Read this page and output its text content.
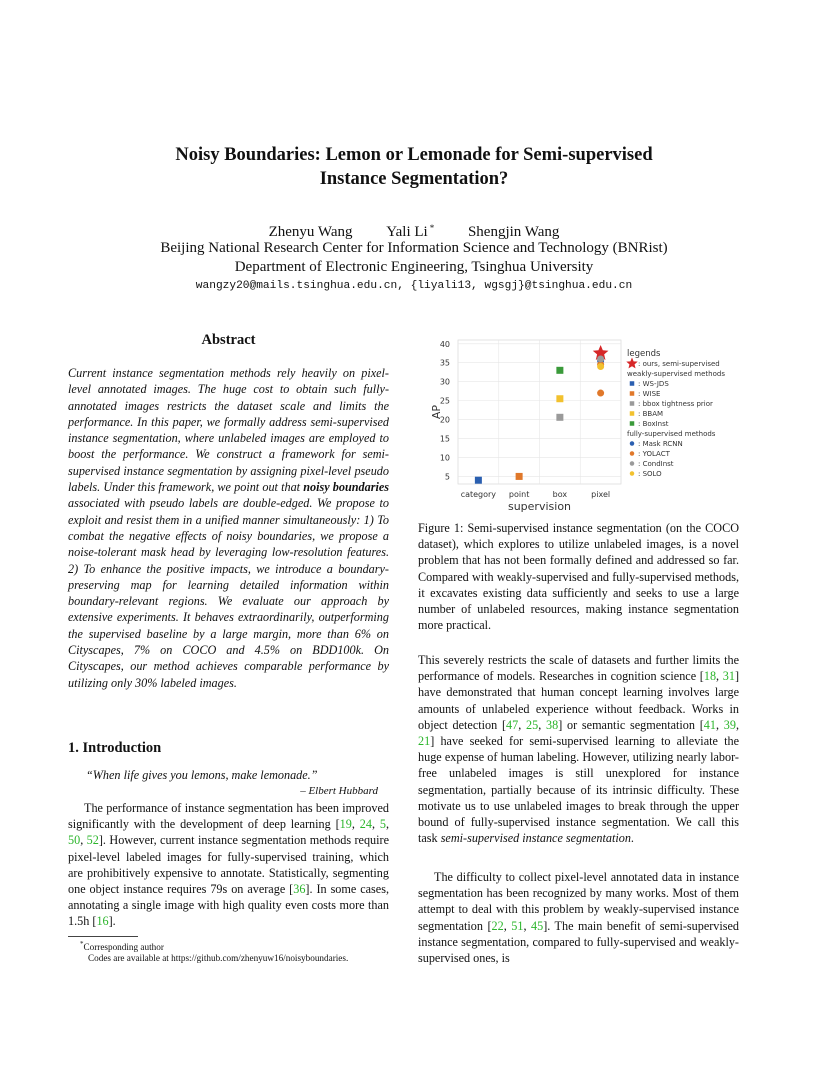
Noisy Boundaries: Lemon or Lemonade for Semi-supervised
Instance Segmentation?
Zhenyu Wang Yali Li * Shengjin Wang
Beijing National Research Center for Information Science and Technology (BNRist)
Department of Electronic Engineering, Tsinghua University
wangzy20@mails.tsinghua.edu.cn, {liyali13, wgsgj}@tsinghua.edu.cn
Abstract

Current instance segmentation methods rely heavily on pixel-level annotated images. The huge cost to obtain such fully-annotated images restricts the dataset scale and limits the performance. In this paper, we formally address semi-supervised instance segmentation, where unlabeled images are employed to boost the performance. We construct a framework for semi-supervised instance segmentation by assigning pixel-level pseudo labels. Under this framework, we point out that noisy boundaries associated with pseudo labels are double-edged. We propose to exploit and resist them in a unified manner simultaneously: 1) To combat the negative effects of noisy boundaries, we propose a noise-tolerant mask head by leveraging low-resolution features. 2) To enhance the positive impacts, we introduce a boundary-preserving map for learning detailed information within boundary-relevant regions. We evaluate our approach by extensive experiments. It behaves extraordinarily, outperforming the supervised baseline by a large margin, more than 6% on Cityscapes, 7% on COCO and 4.5% on BDD100k. On Cityscapes, our method achieves comparable performance by utilizing only 30% labeled images.

1. Introduction
“When life gives you lemons, make lemonade.”
– Elbert Hubbard

The performance of instance segmentation has been improved significantly with the development of deep learning [19, 24, 5, 50, 52]. However, current instance segmentation methods require pixel-level labeled images for fully-supervised training, which are prohibitively expensive to annotate. Statistically, segmenting one object instance requires 79s on average [36]. In some cases, annotating a single image with high quality even costs more than 1.5h [16].

*Corresponding author
Codes are available at https://github.com/zhenyuw16/noisyboundaries.
5
10
15
20
25
30
35
40
category point	box	pixel
supervision
AP
legends
: ours, semi-supervised
weakly-supervised methods
: WS-JDS
: WISE
: bbox tightness prior
: BBAM
: BoxInst
fully-supervised methods
: Mask RCNN
: YOLACT
: CondInst
: SOLO

Figure 1: Semi-supervised instance segmentation (on the COCO dataset), which explores to utilize unlabeled images, is a novel problem that has not been formally defined and addressed so far. Compared with weakly-supervised and fully-supervised methods, it excavates existing data sufficiently and seeks to use a large number of unlabeled resources, making instance segmentation more practical.

This severely restricts the scale of datasets and further limits the performance of models. Researches in cognition science [18, 31] have demonstrated that human concept learning involves large amounts of unlabeled experience without feedback. Works in object detection [47, 25, 38] or semantic segmentation [41, 39, 21] have seeked for semi-supervised learning to alleviate the huge expense of human labeling. However, utilizing nearly labor-free unlabeled images is still unexplored for instance segmentation, partially because of its intrinsic difficulty. These motivate us to use unlabeled images to break through the upper bound of fully-supervised instance segmentation. We call this task semi-supervised instance segmentation.

The difficulty to collect pixel-level annotated data in instance segmentation has been recognized by many works. Most of them attempt to deal with this problem by weakly-supervised instance segmentation [22, 51, 45]. The main benefit of semi-supervised instance segmentation, compared to fully-supervised and weakly-supervised ones, is
